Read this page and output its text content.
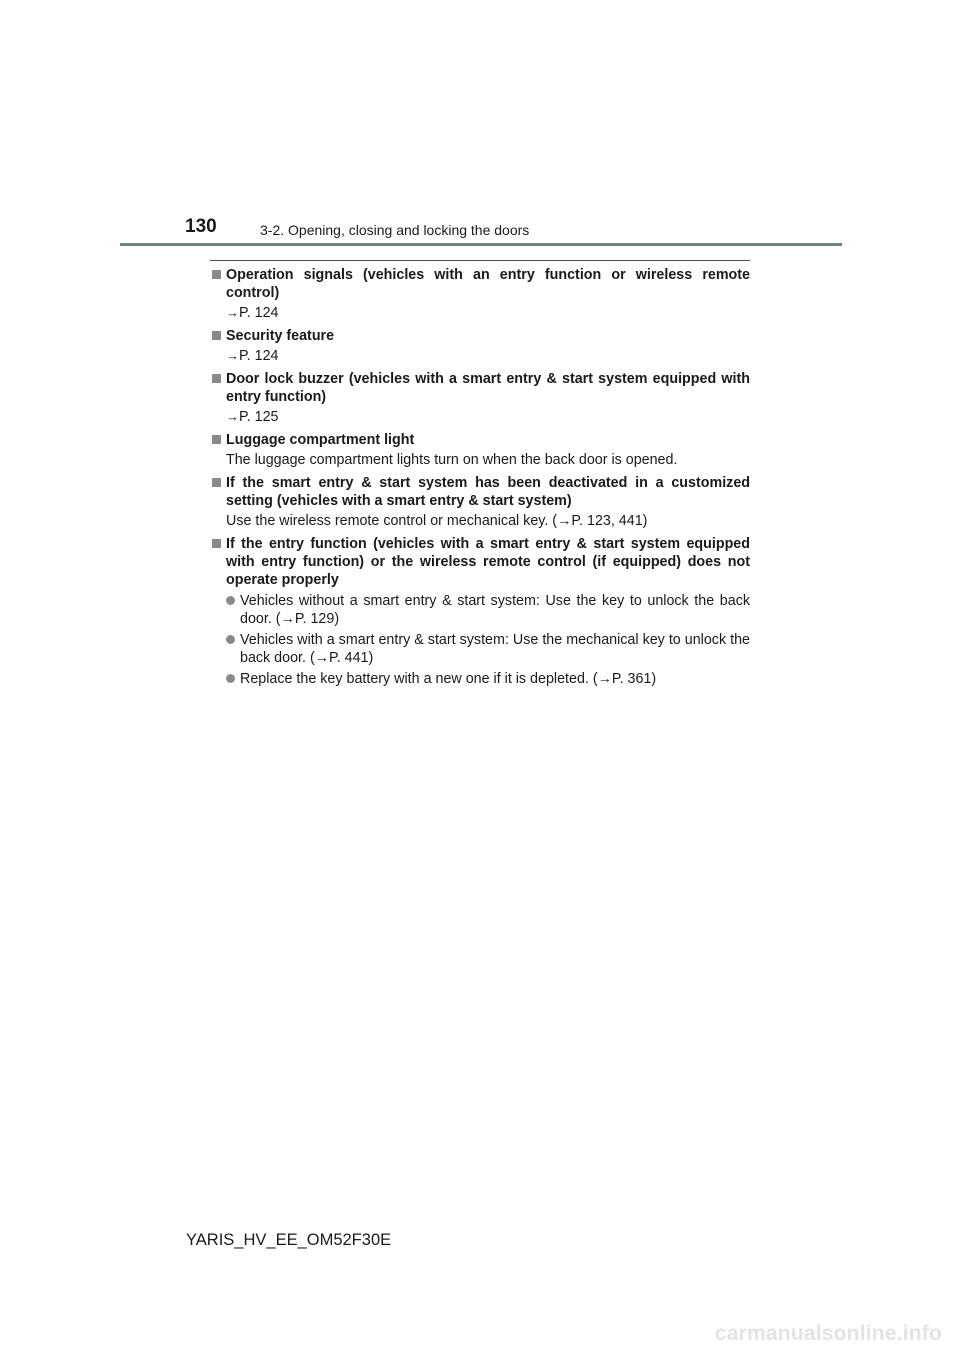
130	3-2. Opening, closing and locking the doors
Operation signals (vehicles with an entry function or wireless remote control)
→P. 124
Security feature
→P. 124
Door lock buzzer (vehicles with a smart entry & start system equipped with entry function)
→P. 125
Luggage compartment light
The luggage compartment lights turn on when the back door is opened.
If the smart entry & start system has been deactivated in a customized setting (vehicles with a smart entry & start system)
Use the wireless remote control or mechanical key. (→P. 123, 441)
If the entry function (vehicles with a smart entry & start system equipped with entry function) or the wireless remote control (if equipped) does not operate properly
Vehicles without a smart entry & start system: Use the key to unlock the back door. (→P. 129)
Vehicles with a smart entry & start system: Use the mechanical key to unlock the back door. (→P. 441)
Replace the key battery with a new one if it is depleted. (→P. 361)
YARIS_HV_EE_OM52F30E
carmanualsonline.info
